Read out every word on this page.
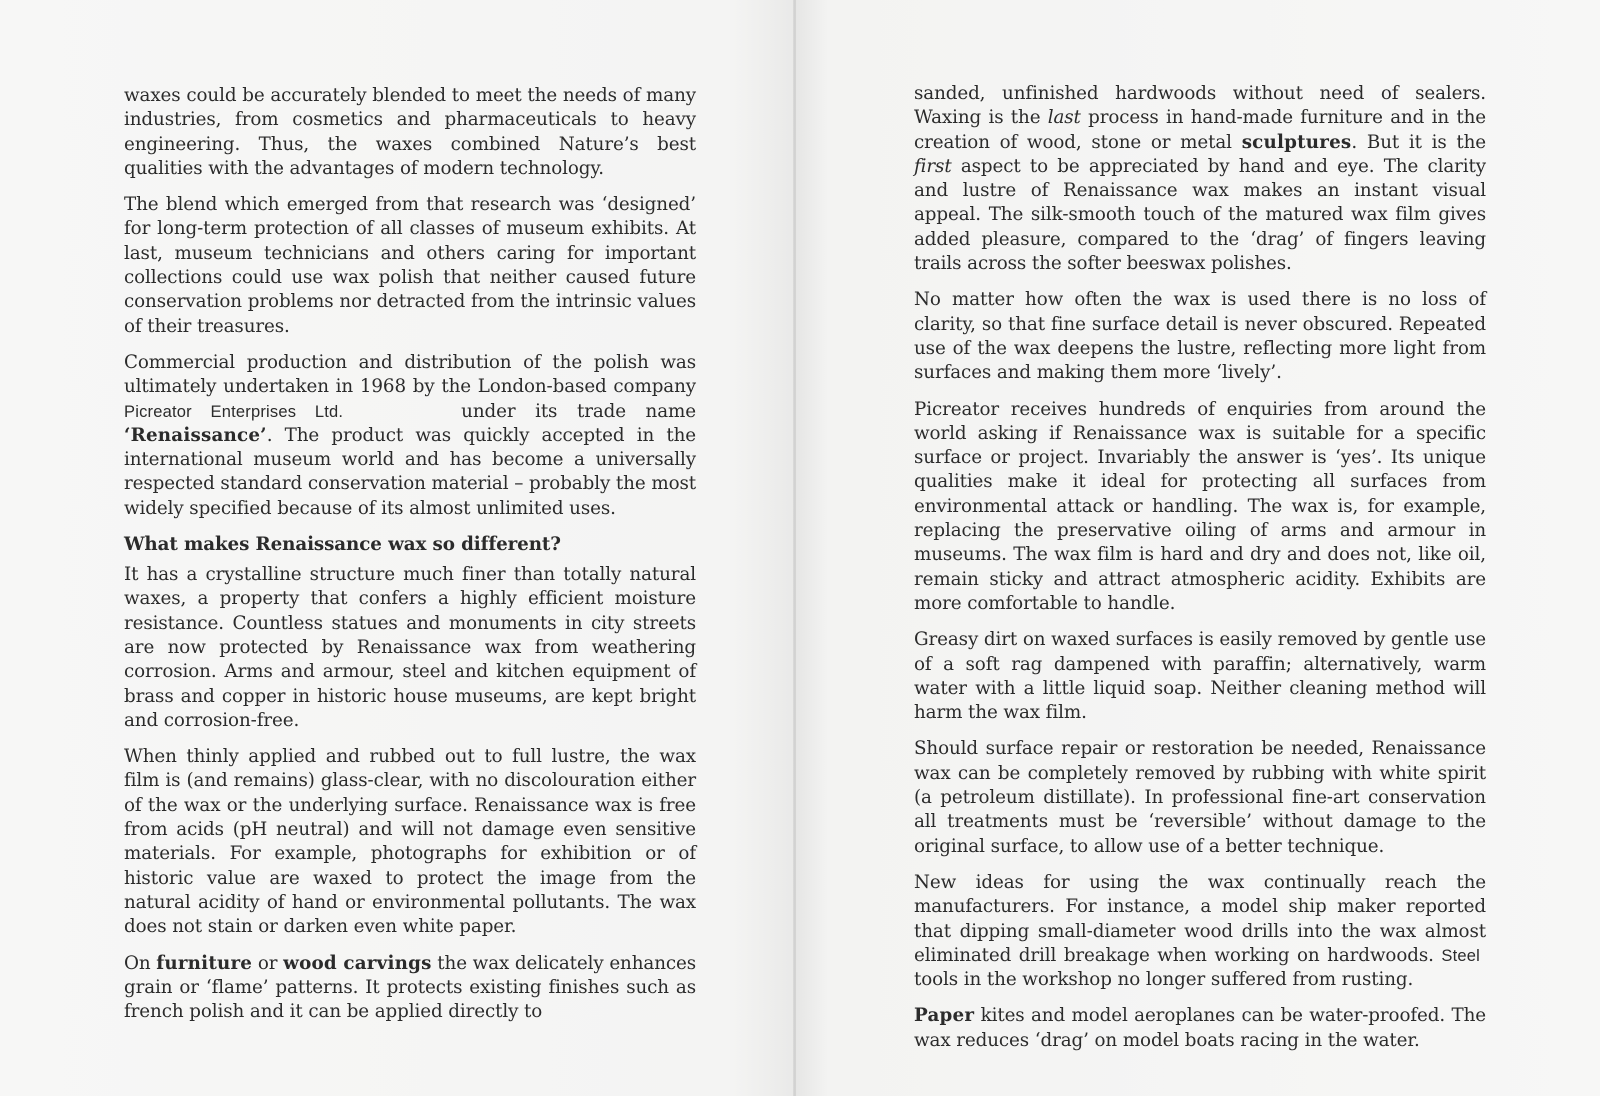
waxes could be accurately blended to meet the needs of many industries, from cosmetics and pharmaceuticals to heavy engineering. Thus, the waxes combined Nature’s best qualities with the advantages of modern technology.

The blend which emerged from that research was ‘designed’ for long-term protection of all classes of museum exhibits. At last, museum technicians and others caring for important collections could use wax polish that neither caused future conservation problems nor detracted from the intrinsic values of their treasures.

Commercial production and distribution of the polish was ultimately undertaken in 1968 by the London-based company Picreator Enterprises Ltd.	under its trade name ‘Renaissance’. The product was quickly accepted in the international museum world and has become a universally respected standard conservation material – probably the most widely specified because of its almost unlimited uses.

What makes Renaissance wax so different?

It has a crystalline structure much finer than totally natural waxes, a property that confers a highly efficient moisture resistance. Countless statues and monuments in city streets are now protected by Renaissance wax from weathering corrosion. Arms and armour, steel and kitchen equipment of brass and copper in historic house museums, are kept bright and corrosion-free.

When thinly applied and rubbed out to full lustre, the wax film is (and remains) glass-clear, with no discolouration either of the wax or the underlying surface. Renaissance wax is free from acids (pH neutral) and will not damage even sensitive materials. For example, photographs for exhibition or of historic value are waxed to protect the image from the natural acidity of hand or environmental pollutants. The wax does not stain or darken even white paper.

On furniture or wood carvings the wax delicately enhances grain or ‘flame’ patterns. It protects existing finishes such as french polish and it can be applied directly to

sanded, unfinished hardwoods without need of sealers. Waxing is the last process in hand-made furniture and in the creation of wood, stone or metal sculptures. But it is the first aspect to be appreciated by hand and eye. The clarity and lustre of Renaissance wax makes an instant visual appeal. The silk-smooth touch of the matured wax film gives added pleasure, compared to the ‘drag’ of fingers leaving trails across the softer beeswax polishes.

No matter how often the wax is used there is no loss of clarity, so that fine surface detail is never obscured. Repeated use of the wax deepens the lustre, reflecting more light from surfaces and making them more ‘lively’.

Picreator receives hundreds of enquiries from around the world asking if Renaissance wax is suitable for a specific surface or project. Invariably the answer is ‘yes’. Its unique qualities make it ideal for protecting all surfaces from environmental attack or handling. The wax is, for example, replacing the preservative oiling of arms and armour in museums. The wax film is hard and dry and does not, like oil, remain sticky and attract atmospheric acidity. Exhibits are more comfortable to handle.

Greasy dirt on waxed surfaces is easily removed by gentle use of a soft rag dampened with paraffin; alternatively, warm water with a little liquid soap. Neither cleaning method will harm the wax film.

Should surface repair or restoration be needed, Renaissance wax can be completely removed by rubbing with white spirit (a petroleum distillate). In professional fine-art conservation all treatments must be ‘reversible’ without damage to the original surface, to allow use of a better technique.

New ideas for using the wax continually reach the manufacturers. For instance, a model ship maker reported that dipping small-diameter wood drills into the wax almost eliminated drill breakage when working on hardwoods. Steel tools in the workshop no longer suffered from rusting.

Paper kites and model aeroplanes can be water-proofed. The wax reduces ‘drag’ on model boats racing in the water.
